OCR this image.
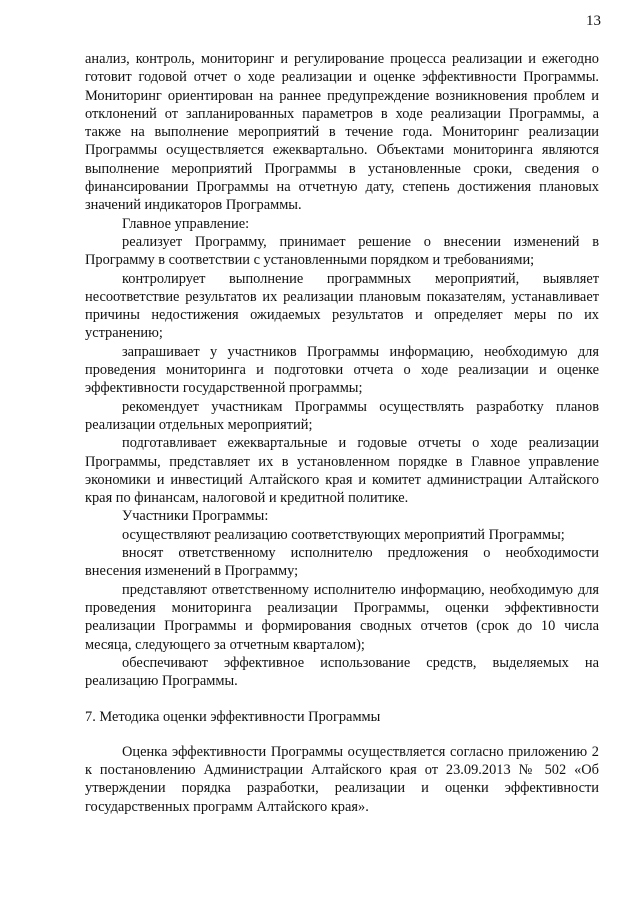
13

анализ, контроль, мониторинг и регулирование процесса реализации и ежегодно готовит годовой отчет о ходе реализации и оценке эффективности Программы. Мониторинг ориентирован на раннее предупреждение возникновения проблем и отклонений от запланированных параметров в ходе реализации Программы, а также на выполнение мероприятий в течение года. Мониторинг реализации Программы осуществляется ежеквартально. Объектами мониторинга являются выполнение мероприятий Программы в установленные сроки, сведения о финансировании Программы на отчетную дату, степень достижения плановых значений индикаторов Программы.

Главное управление:

реализует Программу, принимает решение о внесении изменений в Программу в соответствии с установленными порядком и требованиями;

контролирует выполнение программных мероприятий, выявляет несоответствие результатов их реализации плановым показателям, устанавливает причины недостижения ожидаемых результатов и определяет меры по их устранению;

запрашивает у участников Программы информацию, необходимую для проведения мониторинга и подготовки отчета о ходе реализации и оценке эффективности государственной программы;

рекомендует участникам Программы осуществлять разработку планов реализации отдельных мероприятий;

подготавливает ежеквартальные и годовые отчеты о ходе реализации Программы, представляет их в установленном порядке в Главное управление экономики и инвестиций Алтайского края и комитет администрации Алтайского края по финансам, налоговой и кредитной политике.

Участники Программы:

осуществляют реализацию соответствующих мероприятий Программы;

вносят ответственному исполнителю предложения о необходимости внесения изменений в Программу;

представляют ответственному исполнителю информацию, необходимую для проведения мониторинга реализации Программы, оценки эффективности реализации Программы и формирования сводных отчетов (срок до 10 числа месяца, следующего за отчетным кварталом);

обеспечивают эффективное использование средств, выделяемых на реализацию Программы.

7. Методика оценки эффективности Программы

Оценка эффективности Программы осуществляется согласно приложению 2 к постановлению Администрации Алтайского края от 23.09.2013 № 502 «Об утверждении порядка разработки, реализации и оценки эффективности государственных программ Алтайского края».
